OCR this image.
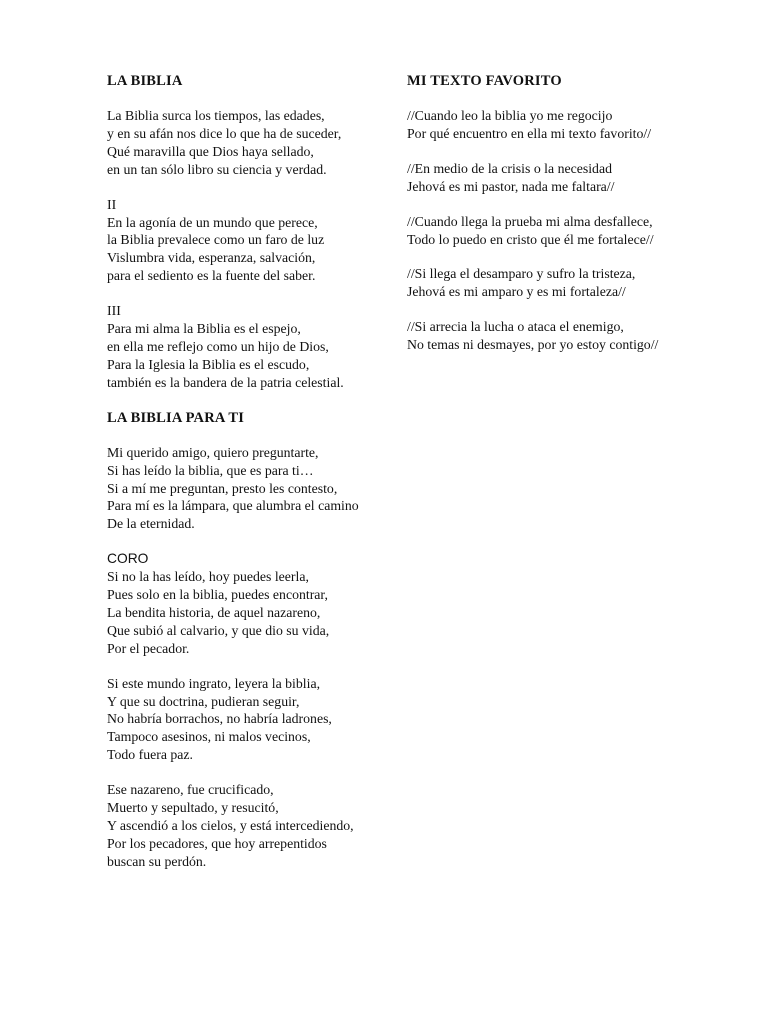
LA BIBLIA
La Biblia surca los tiempos, las edades,
y en su afán nos dice lo que ha de suceder,
Qué maravilla que Dios haya sellado,
en un tan sólo libro su ciencia y verdad.
II
En la agonía de un mundo que perece,
la Biblia prevalece como un faro de luz
Vislumbra vida, esperanza, salvación,
para el sediento es la fuente del saber.
III
Para mi alma la Biblia es el espejo,
en ella me reflejo como un hijo de Dios,
Para la Iglesia la Biblia es el escudo,
también es la bandera de la patria celestial.
LA BIBLIA PARA TI
Mi querido amigo, quiero preguntarte,
Si has leído la biblia, que es para ti…
Si a mí me preguntan, presto les contesto,
Para mí es la lámpara, que alumbra el camino
De la eternidad.
CORO
Si no la has leído, hoy puedes leerla,
Pues solo en la biblia, puedes encontrar,
La bendita historia, de aquel nazareno,
Que subió al calvario, y que dio su vida,
Por el pecador.
Si este mundo ingrato, leyera la biblia,
Y que su doctrina, pudieran seguir,
No habría borrachos, no habría ladrones,
Tampoco asesinos, ni malos vecinos,
Todo fuera paz.
Ese nazareno, fue crucificado,
Muerto y sepultado, y resucitó,
Y ascendió a los cielos, y está intercediendo,
Por los pecadores, que hoy arrepentidos
buscan su perdón.
MI TEXTO FAVORITO
//Cuando leo la biblia yo me regocijo
Por qué encuentro en ella mi texto favorito//
//En medio de la crisis o la necesidad
Jehová es mi pastor, nada me faltara//
//Cuando llega la prueba mi alma desfallece,
Todo lo puedo en cristo que él me fortalece//
//Si llega el desamparo y sufro la tristeza,
Jehová es mi amparo y es mi fortaleza//
//Si arrecia la lucha o ataca el enemigo,
No temas ni desmayes, por yo estoy contigo//
